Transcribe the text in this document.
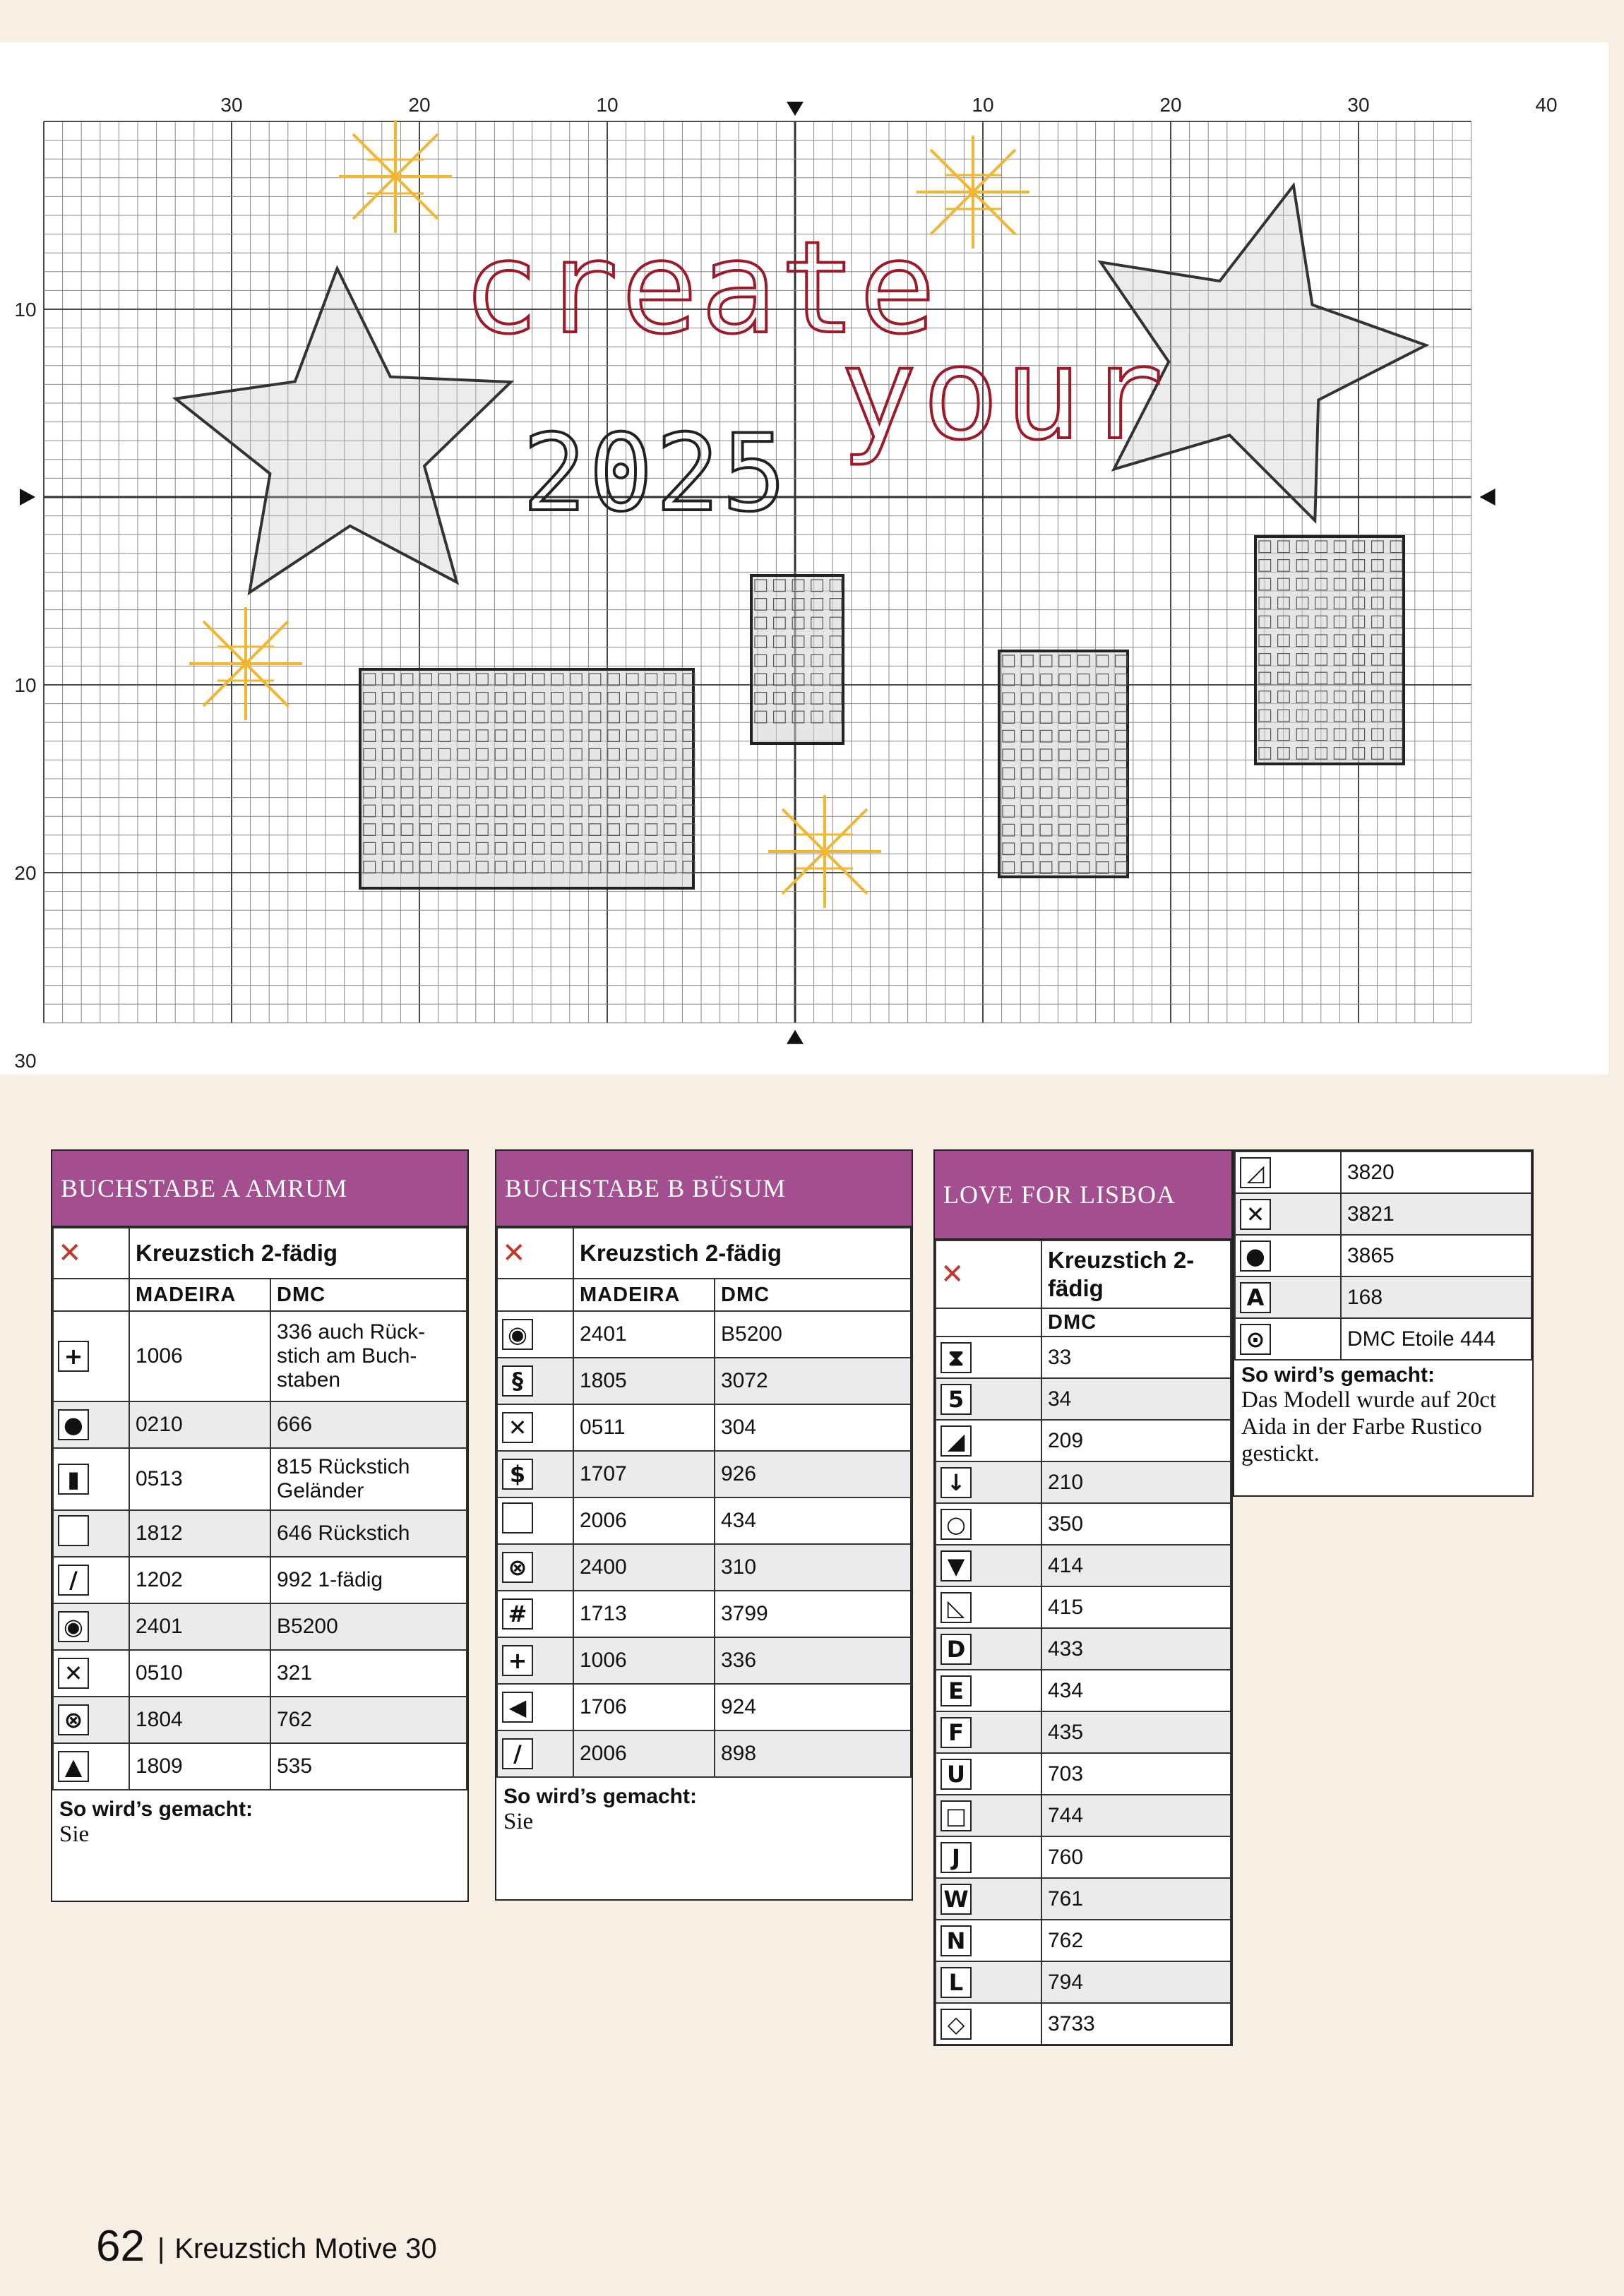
30	20	10	10	20	30	40
10
10
20
30
create
your
2025
BUCHSTABE A AMRUM
✕	Kreuzstich 2-fädig	
	MADEIRA	DMC
+	1006	336 auch Rück-stich am Buch-staben
●	0210	666
▮	0513	815 Rückstich Geländer
	1812	646 Rückstich
/	1202	992 1-fädig
◉	2401	B5200
✕	0510	321
⊗	1804	762
▲	1809	535
So wird’s gemacht:
Sie
BUCHSTABE B BÜSUM
✕	Kreuzstich 2-fädig	
	MADEIRA	DMC
◉	2401	B5200
§	1805	3072
✕	0511	304
$	1707	926
	2006	434
⊗	2400	310
#	1713	3799
+	1006	336
◀	1706	924
/	2006	898
So wird’s gemacht:
Sie
LOVE FOR LISBOA
✕	Kreuzstich 2-fädig
	DMC
⧗	33
5	34
◢	209
↓	210
○	350
▼	414
◺	415
D	433
E	434
F	435
U	703
□	744
J	760
W	761
N	762
L	794
◇	3733
◿	3820
✕	3821
●	3865
A	168
⊙	DMC Etoile 444
So wird’s gemacht:
Das Modell wurde auf 20ct Aida in der Farbe Rustico gestickt.
62 | Kreuzstich Motive 30
